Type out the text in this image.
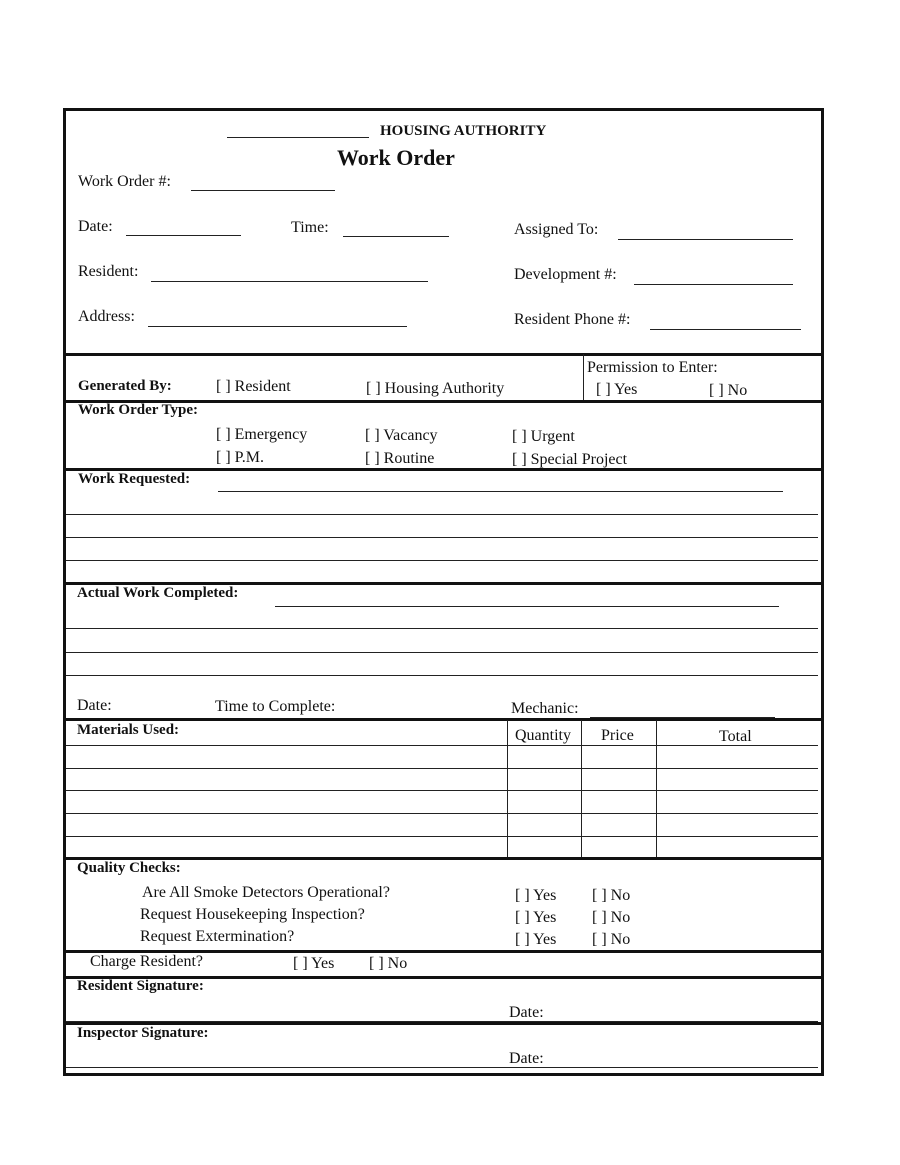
HOUSING AUTHORITY
Work Order
Work Order #:
Date:	Time:	Assigned To:
Resident:	Development #:
Address:	Resident Phone #:
Generated By:	[ ] Resident	[ ] Housing Authority
Permission to Enter:
[ ] Yes	[ ] No
Work Order Type:
[ ] Emergency	[ ] Vacancy	[ ] Urgent
[ ] P.M.	[ ] Routine	[ ] Special Project
Work Requested:
Actual Work Completed:
Date:	Time to Complete:	Mechanic:
Materials Used:	Quantity Price	Total
Quality Checks:
Are All Smoke Detectors Operational?	[ ] Yes [ ] No
Request Housekeeping Inspection?	[ ] Yes [ ] No
Request Extermination?	[ ] Yes [ ] No
Charge Resident?	[ ] Yes [ ] No
Resident Signature:
Date:
Inspector Signature:
Date:
